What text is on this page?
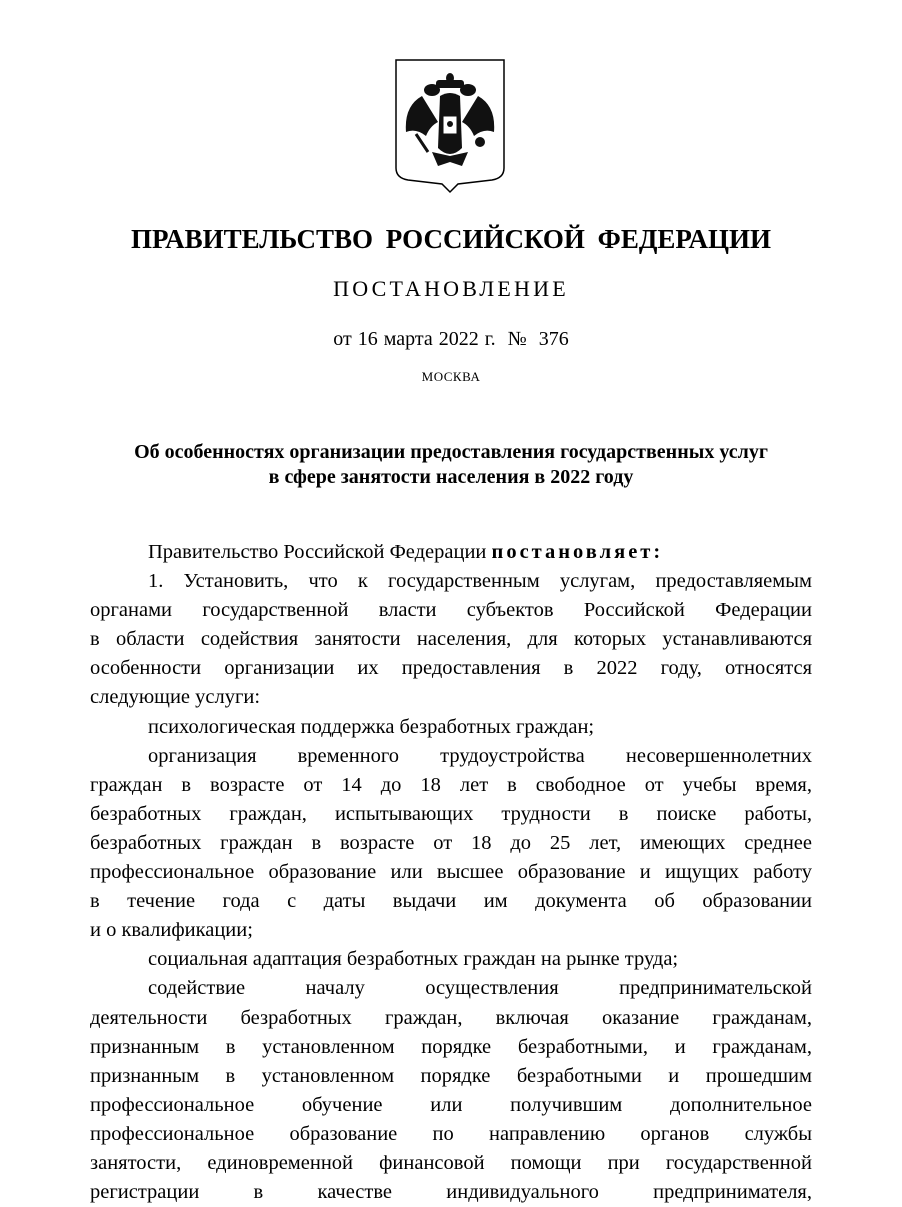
ПРАВИТЕЛЬСТВО РОССИЙСКОЙ ФЕДЕРАЦИИ
ПОСТАНОВЛЕНИЕ
от 16 марта 2022 г.  №  376
МОСКВА
Об особенностях организации предоставления государственных услуг
в сфере занятости населения в 2022 году
Правительство Российской Федерации постановляет:
1. Установить, что к государственным услугам, предоставляемым
органами государственной власти субъектов Российской Федерации
в области содействия занятости населения, для которых устанавливаются
особенности организации их предоставления в 2022 году, относятся
следующие услуги:
психологическая поддержка безработных граждан;
организация временного трудоустройства несовершеннолетних
граждан в возрасте от 14 до 18 лет в свободное от учебы время,
безработных граждан, испытывающих трудности в поиске работы,
безработных граждан в возрасте от 18 до 25 лет, имеющих среднее
профессиональное образование или высшее образование и ищущих работу
в течение года с даты выдачи им документа об образовании
и о квалификации;
социальная адаптация безработных граждан на рынке труда;
содействие началу осуществления предпринимательской
деятельности безработных граждан, включая оказание гражданам,
признанным в установленном порядке безработными, и гражданам,
признанным в установленном порядке безработными и прошедшим
профессиональное обучение или получившим дополнительное
профессиональное образование по направлению органов службы
занятости, единовременной финансовой помощи при государственной
регистрации в качестве индивидуального предпринимателя,
